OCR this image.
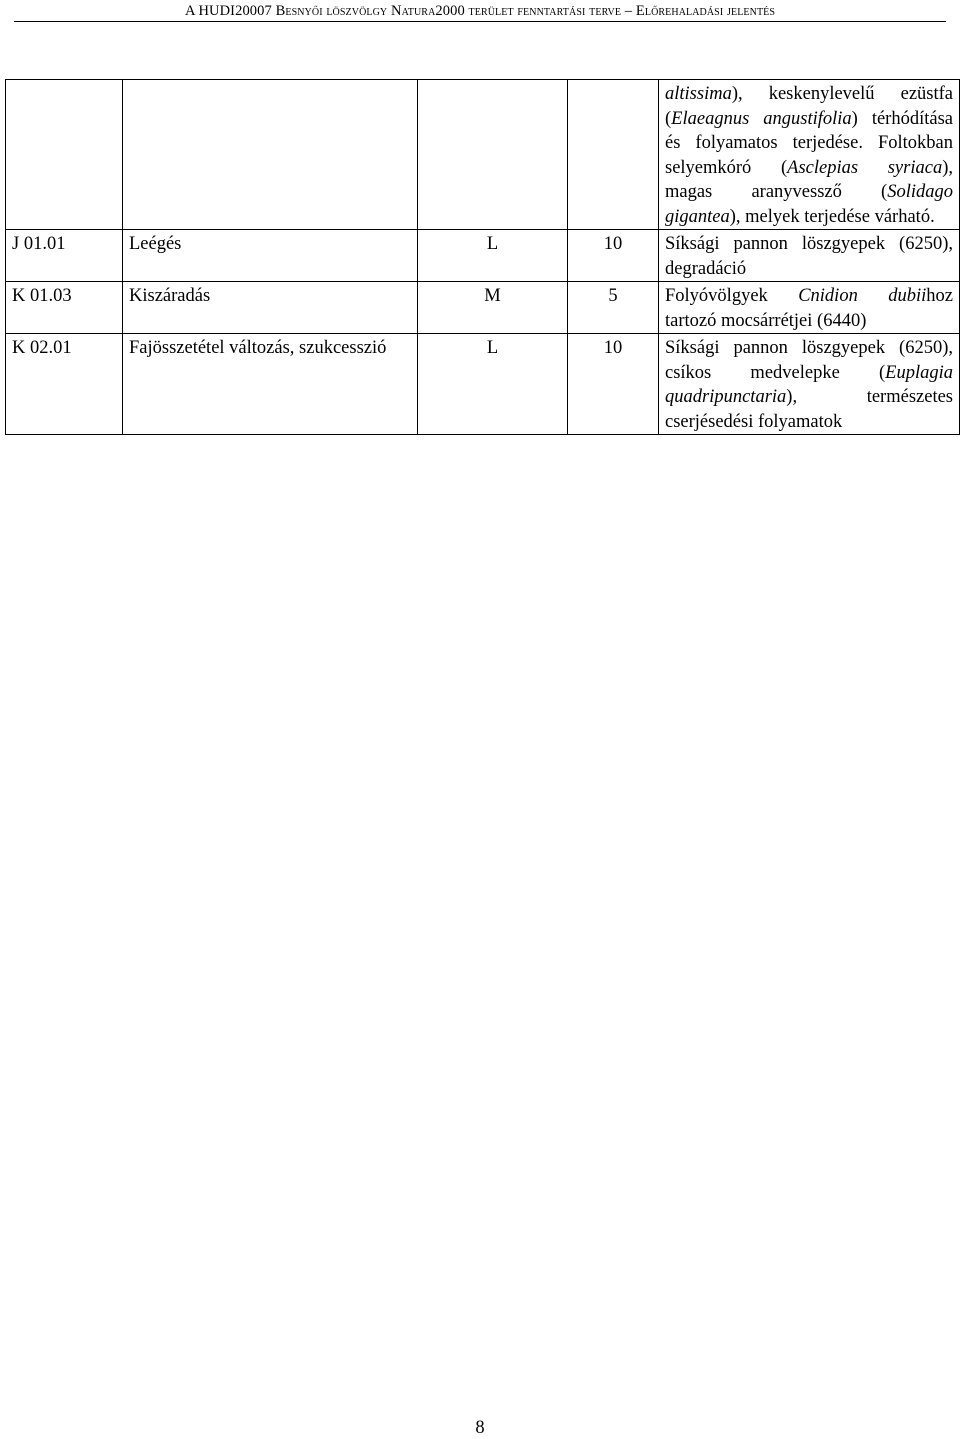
A HUDI20007 Besnyői löszvölgy Natura2000 terület fenntartási terve – Előrehaladási jelentés
				altissima), keskenylevelű ezüstfa (Elaeagnus angustifolia) térhódítása és folyamatos terjedése. Foltokban selyemkóró (Asclepias syriaca), magas aranyvessző (Solidago gigantea), melyek terjedése várható.
J 01.01	Leégés	L	10	Síksági pannon löszgyepek (6250), degradáció
K 01.03	Kiszáradás	M	5	Folyóvölgyek Cnidion dubiihoz tartozó mocsárrétjei (6440)
K 02.01	Fajösszetétel változás, szukcesszió	L	10	Síksági pannon löszgyepek (6250), csíkos medvelepke (Euplagia quadripunctaria), természetes cserjésedési folyamatok
8
